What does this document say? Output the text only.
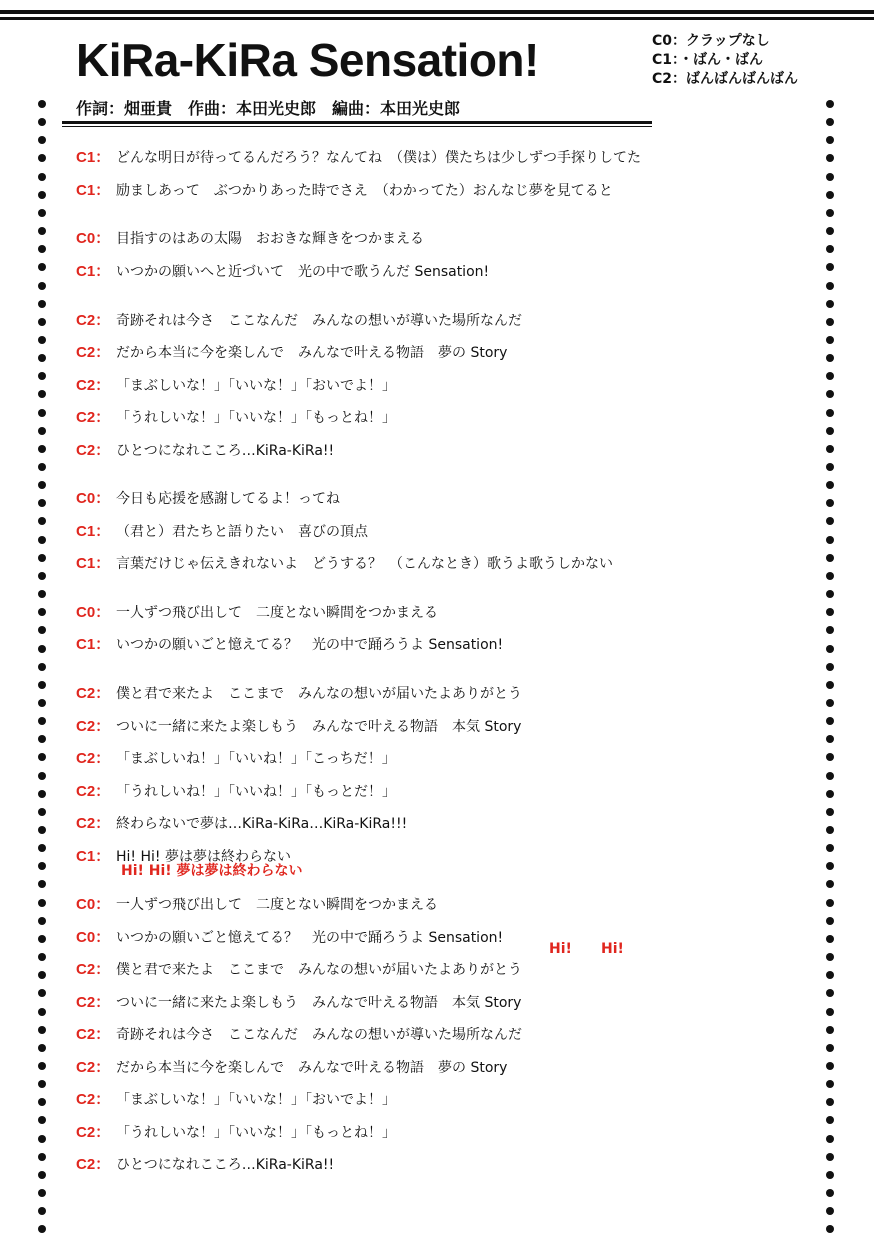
KiRa-KiRa Sensation!	C0：クラップなし
C1：・ばん・ばん
C2：ばんばんばんばん
作詞：畑亜貴　作曲：本田光史郎　編曲：本田光史郎
C1： どんな明日が待ってるんだろう？なんてね　（僕は）僕たちは少しずつ手探りしてた
C1： 励ましあって　ぶつかりあった時でさえ　（わかってた）おんなじ夢を見てると
C0： 目指すのはあの太陽　おおきな輝きをつかまえる
C1： いつかの願いへと近づいて　光の中で歌うんだ Sensation!
C2： 奇跡それは今さ　ここなんだ　みんなの想いが導いた場所なんだ
C2： だから本当に今を楽しんで　みんなで叶える物語　夢の Story
C2： 「まぶしいな！」「いいな！」「おいでよ！」
C2： 「うれしいな！」「いいな！」「もっとね！」
C2： ひとつになれこころ…KiRa-KiRa!!
C0： 今日も応援を感謝してるよ！ってね
C1： （君と）君たちと語りたい　喜びの頂点
C1： 言葉だけじゃ伝えきれないよ　どうする？　（こんなとき）歌うよ歌うしかない
C0： 一人ずつ飛び出して　二度とない瞬間をつかまえる
C1： いつかの願いごと憶えてる？　光の中で踊ろうよ Sensation!
C2： 僕と君で来たよ　ここまで　みんなの想いが届いたよありがとう
C2： ついに一緒に来たよ楽しもう　みんなで叶える物語　本気 Story
C2： 「まぶしいね！」「いいね！」「こっちだ！」
C2： 「うれしいね！」「いいね！」「もっとだ！」
C2： 終わらないで夢は…KiRa-KiRa…KiRa-KiRa!!!
C1： Hi! Hi! 夢は夢は終わらない
C0： 一人ずつ飛び出して　二度とない瞬間をつかまえる
C0： いつかの願いごと憶えてる？　光の中で踊ろうよ Sensation!
C2： 僕と君で来たよ　ここまで　みんなの想いが届いたよありがとう
C2： ついに一緒に来たよ楽しもう　みんなで叶える物語　本気 Story
C2： 奇跡それは今さ　ここなんだ　みんなの想いが導いた場所なんだ
C2： だから本当に今を楽しんで　みんなで叶える物語　夢の Story
C2： 「まぶしいな！」「いいな！」「おいでよ！」
C2： 「うれしいな！」「いいな！」「もっとね！」
C2： ひとつになれこころ…KiRa-KiRa!!
Hi! Hi! 夢は夢は終わらない
Hi! Hi!
